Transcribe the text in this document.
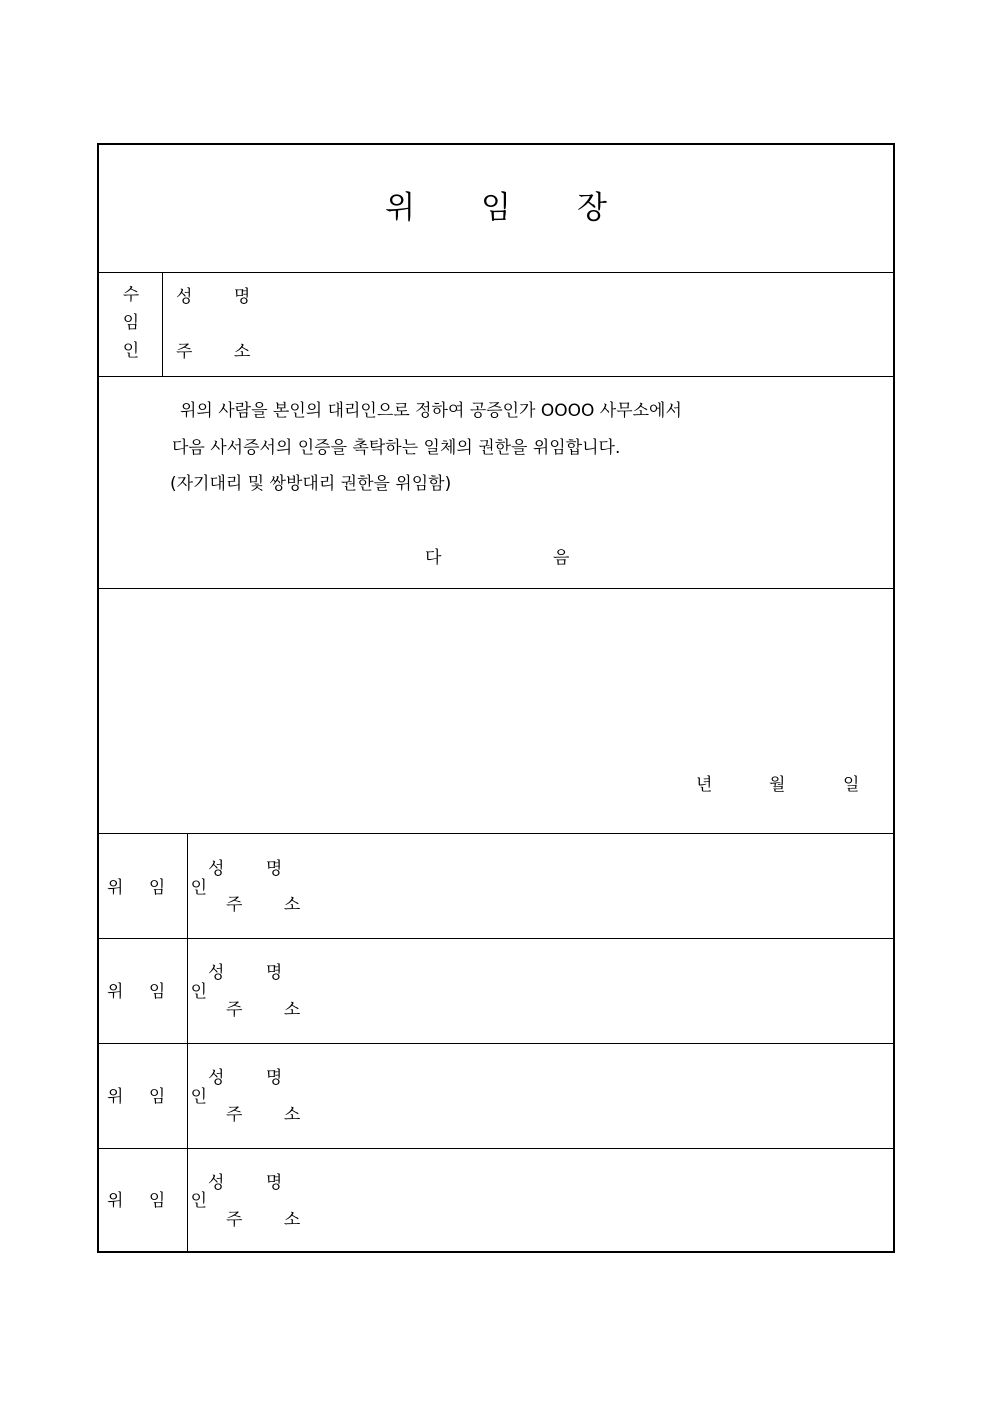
위 임 장
수
임
인
성 명
주 소
위의 사람을 본인의 대리인으로 정하여 공증인가 OOOO 사무소에서
다음 사서증서의 인증을 촉탁하는 일체의 권한을 위임합니다.
(자기대리 및 쌍방대리 권한을 위임함)
다	음
년	월	일
위 임 인
성 명
주 소
위 임 인
성 명
주 소
위 임 인
성 명
주 소
위 임 인
성 명
주 소
